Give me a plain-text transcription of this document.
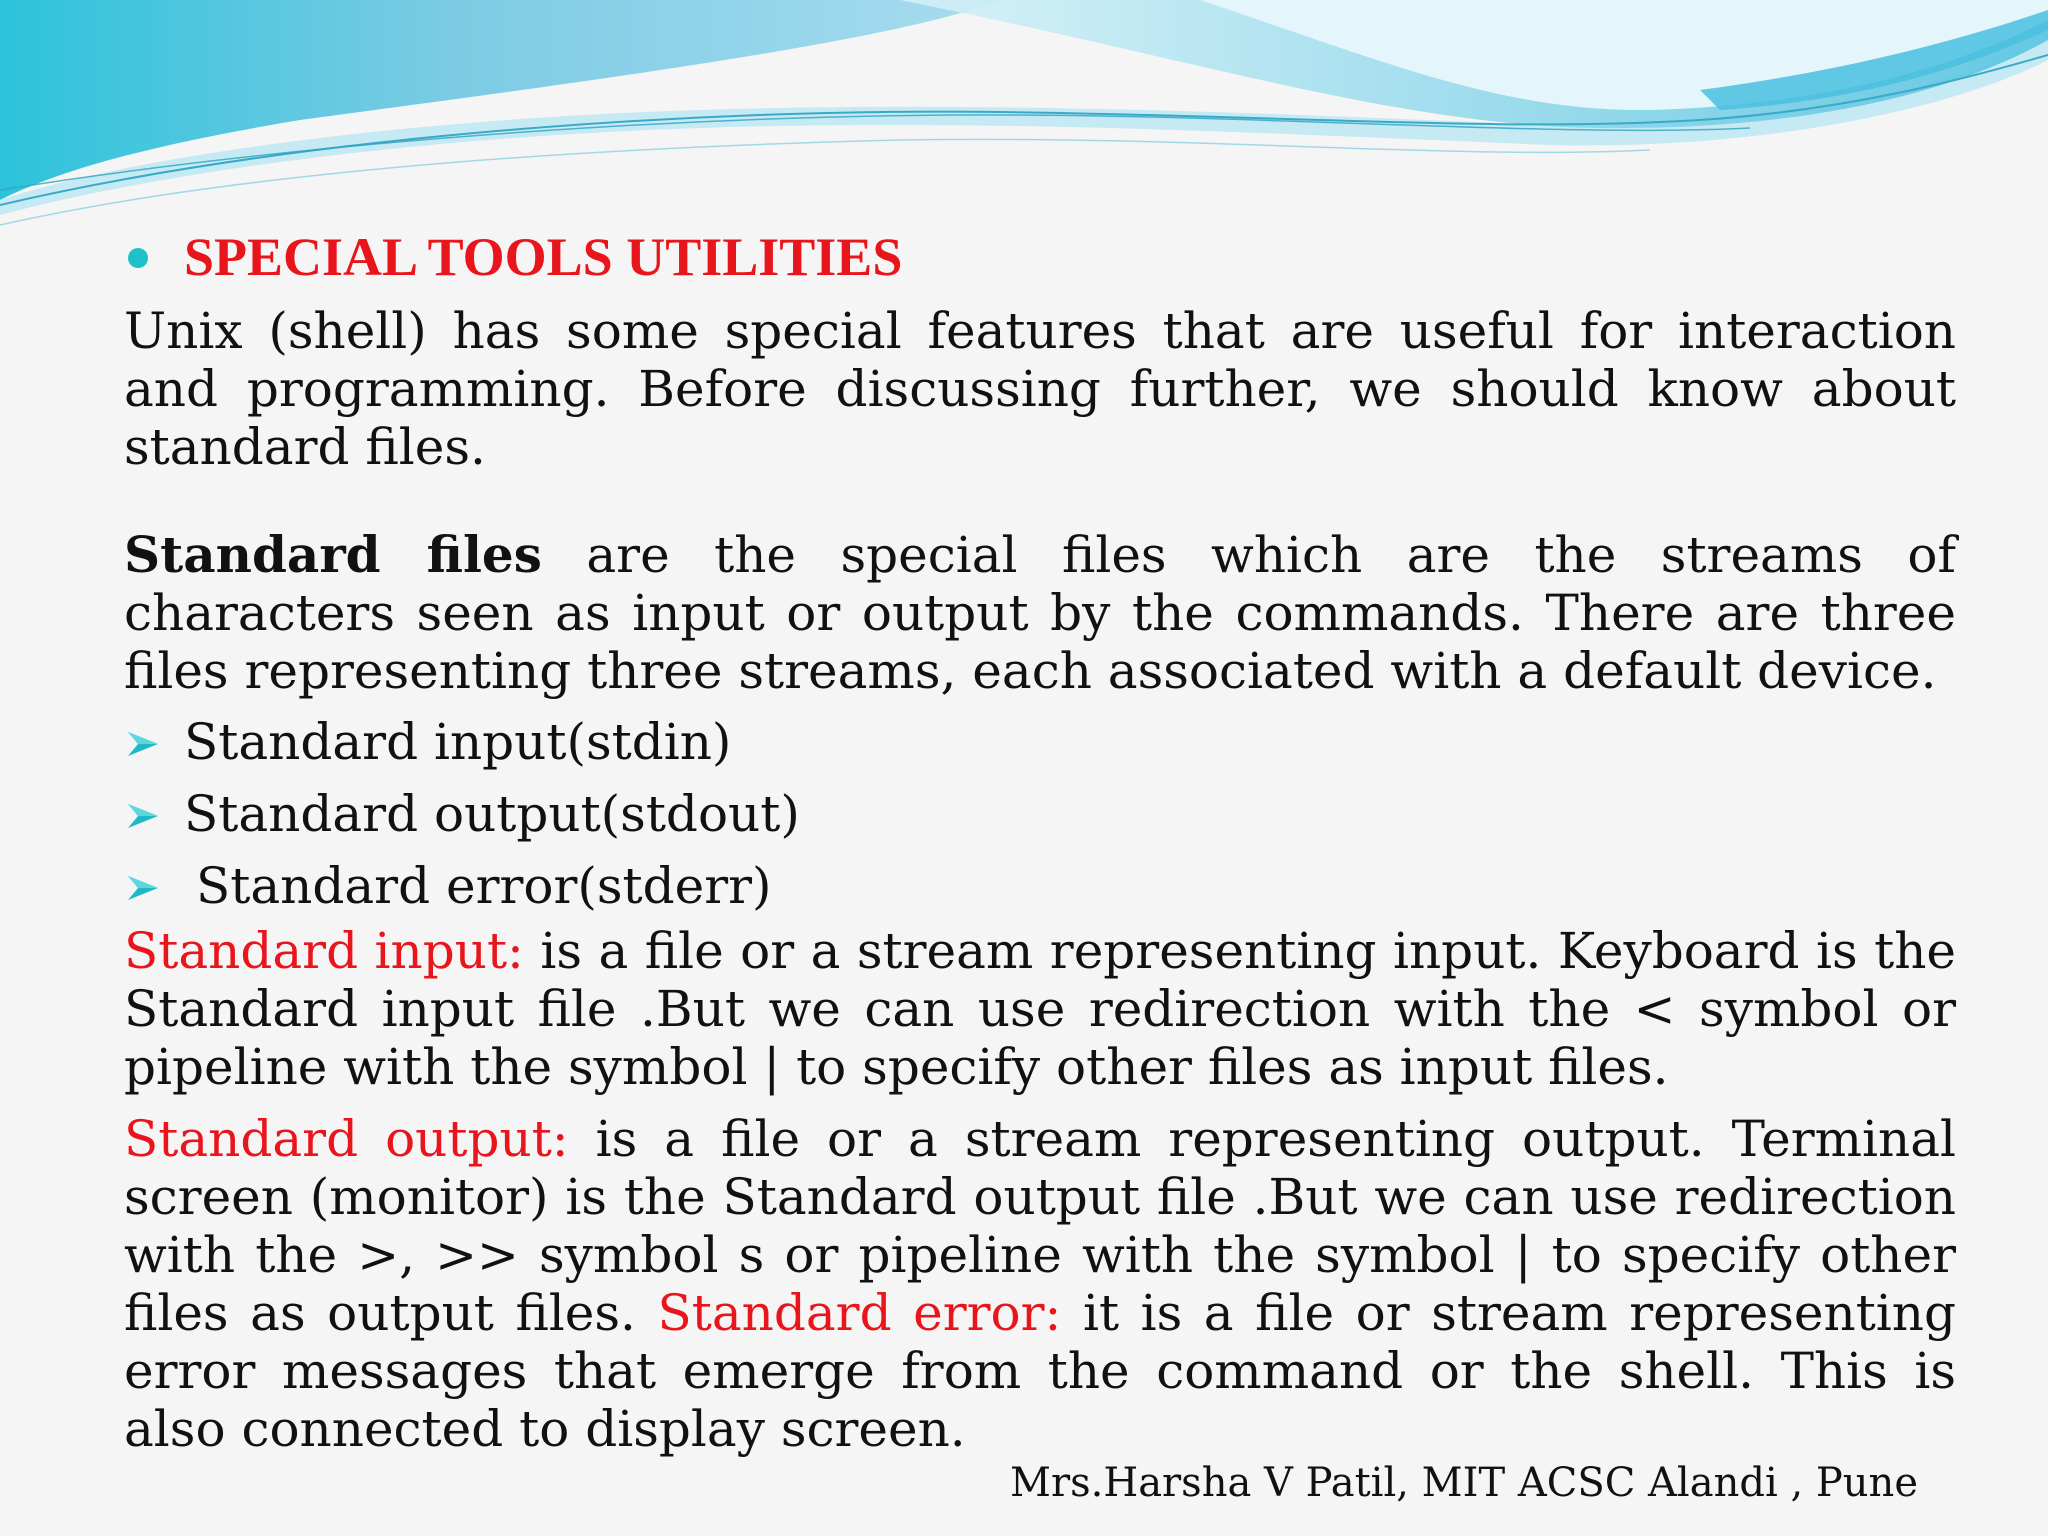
SPECIAL TOOLS UTILITIES

Unix (shell) has some special features that are useful for interaction and programming. Before discussing further, we should know about standard files.

Standard files are the special files which are the streams of characters seen as input or output by the commands. There are three files representing three streams, each associated with a default device.

Standard input(stdin)
Standard output(stdout)
Standard error(stderr)

Standard input: is a file or a stream representing input. Keyboard is the Standard input file .But we can use redirection with the < symbol or pipeline with the symbol | to specify other files as input files.

Standard output: is a file or a stream representing output. Terminal screen (monitor) is the Standard output file .But we can use redirection with the >, >> symbol s or pipeline with the symbol | to specify other files as output files. Standard error: it is a file or stream representing error messages that emerge from the command or the shell. This is also connected to display screen.

Mrs.Harsha V Patil, MIT ACSC Alandi , Pune
